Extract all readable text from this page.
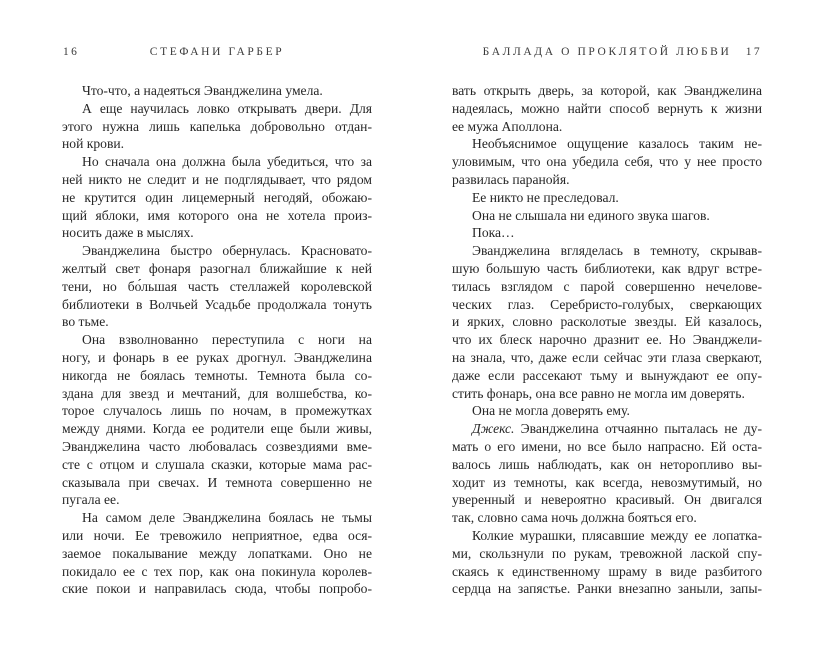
16	СТЕФАНИ ГАРБЕР
Что-что, а надеяться Эванджелина умела.
А еще научилась ловко открывать двери. Для
этого нужна лишь капелька добровольно отдан-
ной крови.
Но сначала она должна была убедиться, что за
ней никто не следит и не подглядывает, что рядом
не крутится один лицемерный негодяй, обожаю-
щий яблоки, имя которого она не хотела произ-
носить даже в мыслях.
Эванджелина быстро обернулась. Красновато-
желтый свет фонаря разогнал ближайшие к ней
тени, но бо́льшая часть стеллажей королевской
библиотеки в Волчьей Усадьбе продолжала тонуть
во тьме.
Она взволнованно переступила с ноги на
ногу, и фонарь в ее руках дрогнул. Эванджелина
никогда не боялась темноты. Темнота была со-
здана для звезд и мечтаний, для волшебства, ко-
торое случалось лишь по ночам, в промежутках
между днями. Когда ее родители еще были живы,
Эванджелина часто любовалась созвездиями вме-
сте с отцом и слушала сказки, которые мама рас-
сказывала при свечах. И темнота совершенно не
пугала ее.
На самом деле Эванджелина боялась не тьмы
или ночи. Ее тревожило неприятное, едва ося-
заемое покалывание между лопатками. Оно не
покидало ее с тех пор, как она покинула королев-
ские покои и направилась сюда, чтобы попробо-
БАЛЛАДА О ПРОКЛЯТОЙ ЛЮБВИ	17
вать открыть дверь, за которой, как Эванджелина
надеялась, можно найти способ вернуть к жизни
ее мужа Аполлона.
Необъяснимое ощущение казалось таким не-
уловимым, что она убедила себя, что у нее просто
развилась паранойя.
Ее никто не преследовал.
Она не слышала ни единого звука шагов.
Пока…
Эванджелина вгляделась в темноту, скрывав-
шую большую часть библиотеки, как вдруг встре-
тилась взглядом с парой совершенно нечелове-
ческих глаз. Серебристо-голубых, сверкающих
и ярких, словно расколотые звезды. Ей казалось,
что их блеск нарочно дразнит ее. Но Эванджели-
на знала, что, даже если сейчас эти глаза сверкают,
даже если рассекают тьму и вынуждают ее опу-
стить фонарь, она все равно не могла им доверять.
Она не могла доверять ему.
Джекс. Эванджелина отчаянно пыталась не ду-
мать о его имени, но все было напрасно. Ей оста-
валось лишь наблюдать, как он неторопливо вы-
ходит из темноты, как всегда, невозмутимый, но
уверенный и невероятно красивый. Он двигался
так, словно сама ночь должна бояться его.
Колкие мурашки, плясавшие между ее лопатка-
ми, скользнули по рукам, тревожной лаской спу-
скаясь к единственному шраму в виде разбитого
сердца на запястье. Ранки внезапно заныли, запы-
